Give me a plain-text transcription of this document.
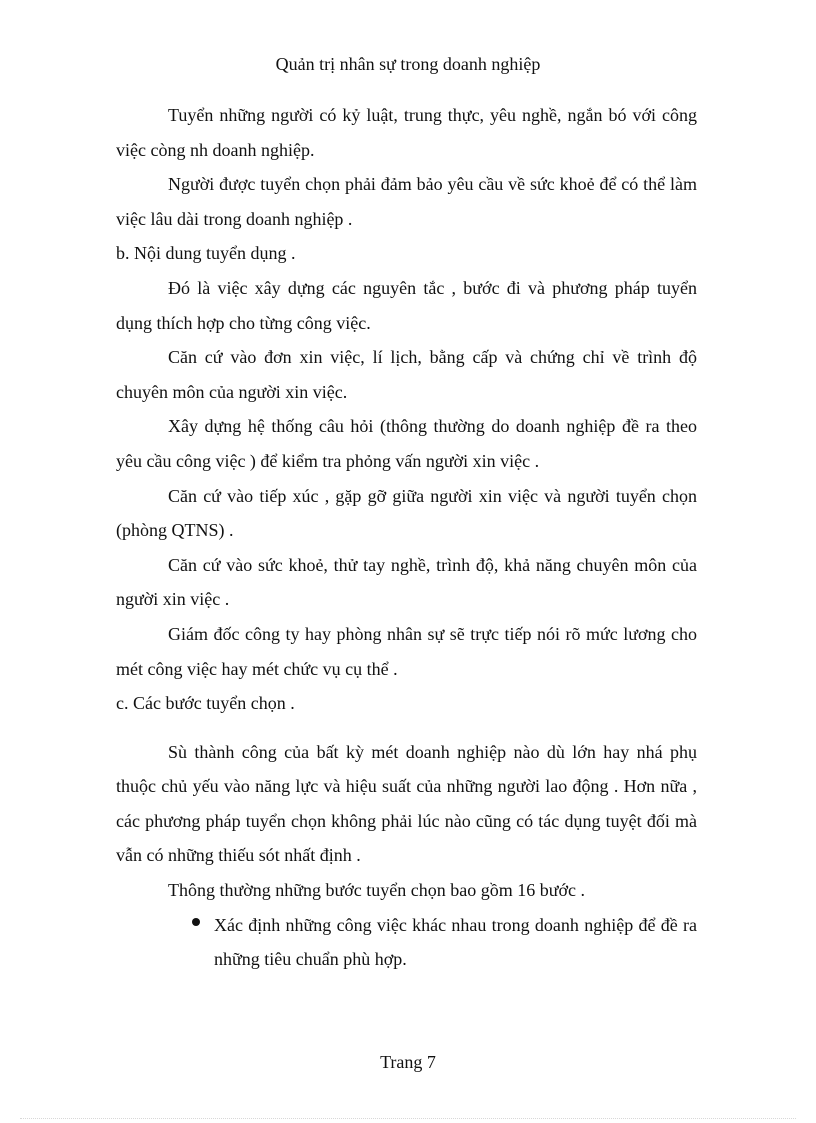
Quản trị nhân sự trong doanh nghiệp

Tuyển những người có kỷ luật, trung thực, yêu nghề, ngắn bó với công việc còng nh doanh nghiệp.

Người được tuyển chọn phải đảm bảo yêu cầu về sức khoẻ để có thể làm việc lâu dài trong doanh nghiệp .

b. Nội dung tuyển dụng .

Đó là việc xây dựng các nguyên tắc , bước đi và phương pháp tuyển dụng thích hợp cho từng công việc.

Căn cứ vào đơn xin việc, lí lịch, bằng cấp và chứng chỉ về trình độ chuyên môn của người xin việc.

Xây dựng hệ thống câu hỏi (thông thường do doanh nghiệp đề ra theo yêu cầu công việc ) để kiểm tra phỏng vấn người xin việc .

Căn cứ vào tiếp xúc , gặp gỡ giữa người xin việc và người tuyển chọn (phòng QTNS) .

Căn cứ vào sức khoẻ, thử tay nghề, trình độ, khả năng chuyên môn của người xin việc .

Giám đốc công ty hay phòng nhân sự sẽ trực tiếp nói rõ mức lương cho mét công việc hay mét chức vụ cụ thể .

c. Các bước tuyển chọn .

Sù thành công của bất kỳ mét doanh nghiệp nào dù lớn hay nhá phụ thuộc chủ yếu vào năng lực và hiệu suất của những người lao động . Hơn nữa , các phương pháp tuyển chọn không phải lúc nào cũng có tác dụng tuyệt đối mà vẫn có những thiếu sót nhất định .

Thông thường những bước tuyển chọn bao gồm 16 bước .

Xác định những công việc khác nhau trong doanh nghiệp để đề ra những tiêu chuẩn phù hợp.

Trang 7
